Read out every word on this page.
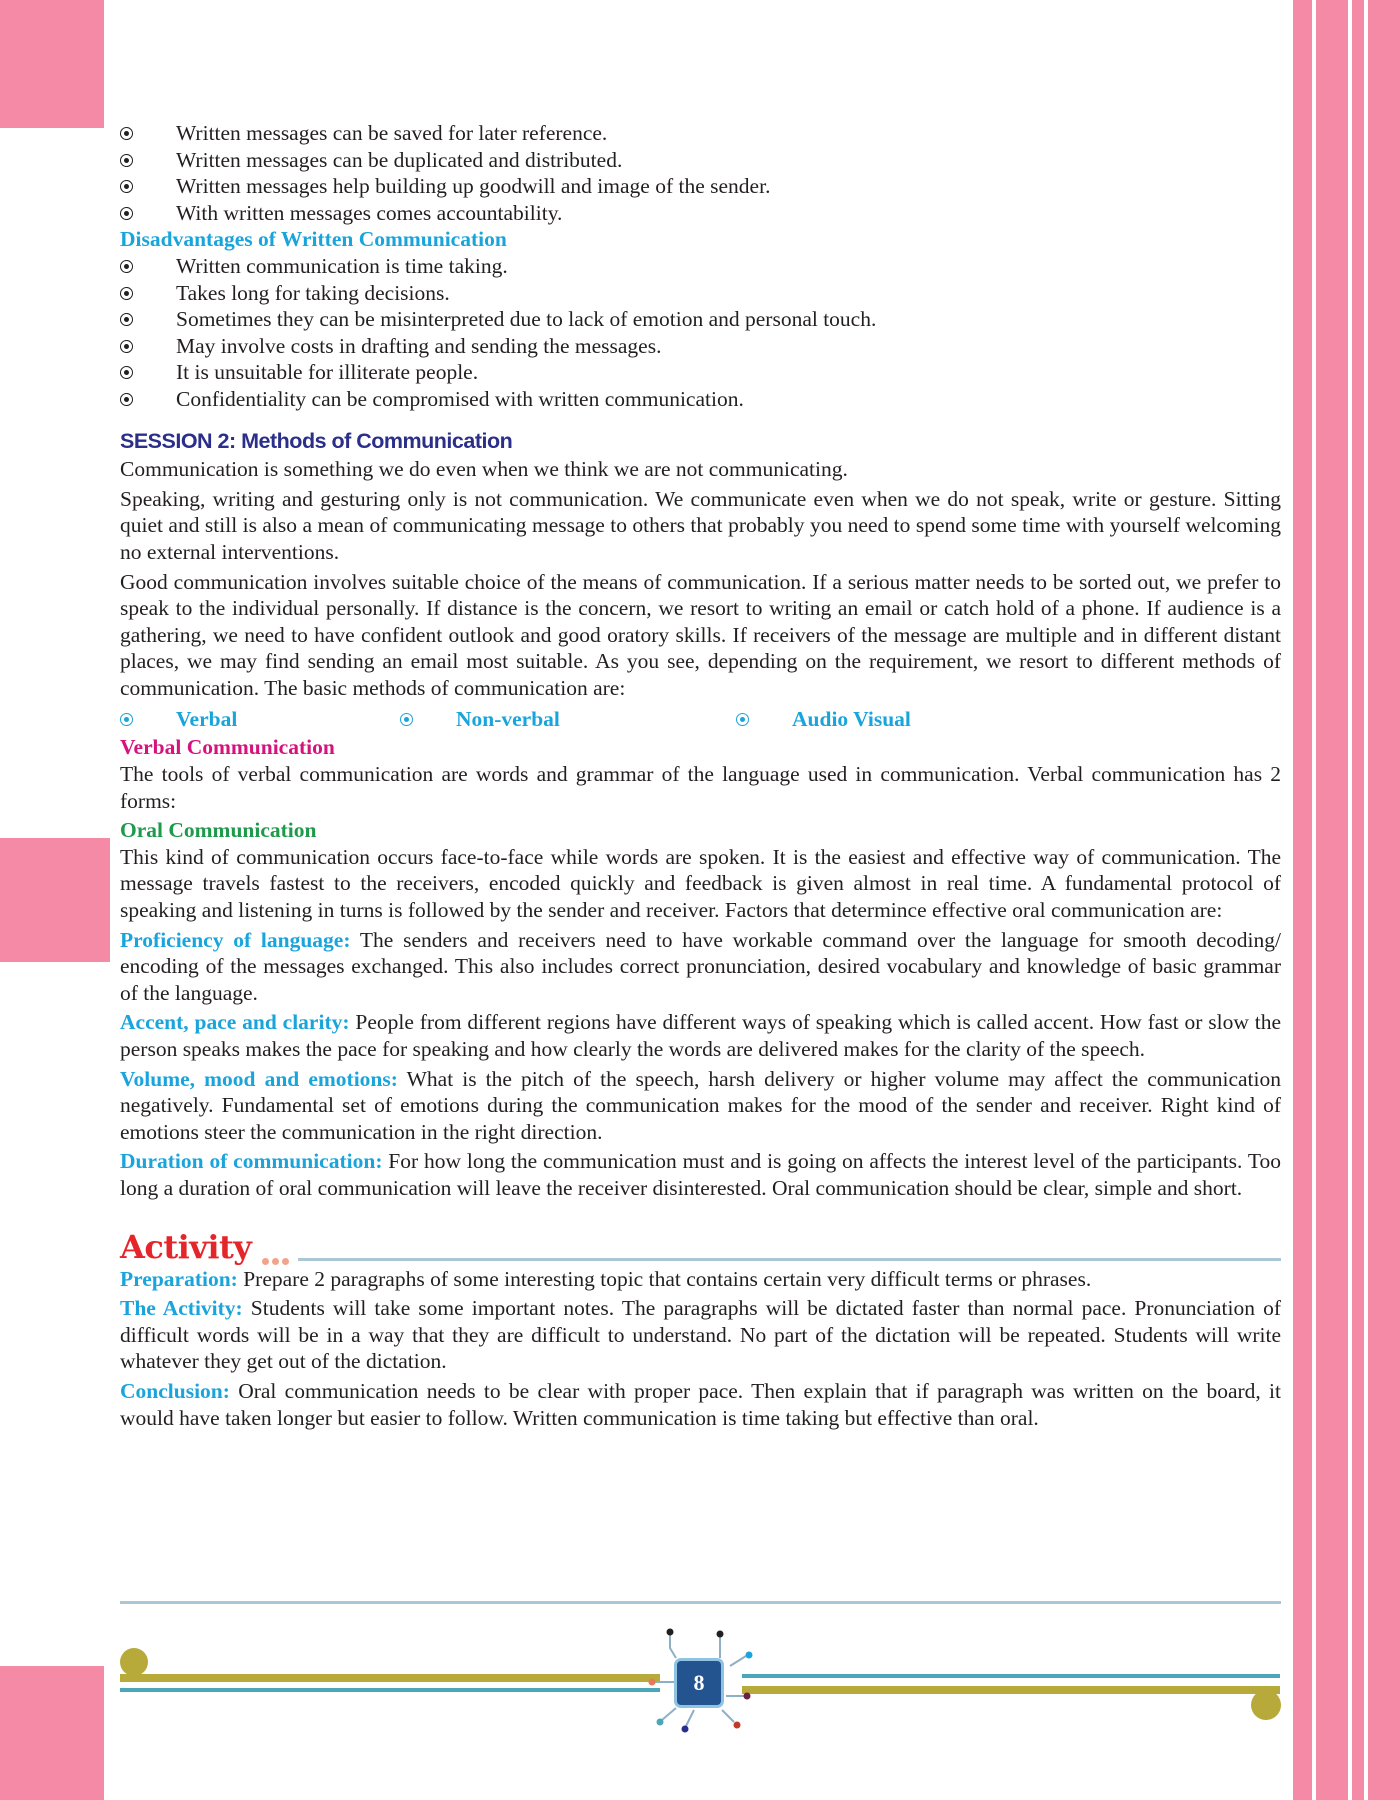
Written messages can be saved for later reference.
Written messages can be duplicated and distributed.
Written messages help building up goodwill and image of the sender.
With written messages comes accountability.
Disadvantages of Written Communication
Written communication is time taking.
Takes long for taking decisions.
Sometimes they can be misinterpreted due to lack of emotion and personal touch.
May involve costs in drafting and sending the messages.
It is unsuitable for illiterate people.
Confidentiality can be compromised with written communication.
SESSION 2: Methods of Communication

Communication is something we do even when we think we are not communicating.

Speaking, writing and gesturing only is not communication. We communicate even when we do not speak, write or gesture. Sitting quiet and still is also a mean of communicating message to others that probably you need to spend some time with yourself welcoming no external interventions.

Good communication involves suitable choice of the means of communication. If a serious matter needs to be sorted out, we prefer to speak to the individual personally. If distance is the concern, we resort to writing an email or catch hold of a phone. If audience is a gathering, we need to have confident outlook and good oratory skills. If receivers of the message are multiple and in different distant places, we may find sending an email most suitable. As you see, depending on the requirement, we resort to different methods of communication. The basic methods of communication are:

Verbal	Non-verbal	Audio Visual
Verbal Communication

The tools of verbal communication are words and grammar of the language used in communication. Verbal communication has 2 forms:

Oral Communication

This kind of communication occurs face-to-face while words are spoken. It is the easiest and effective way of communication. The message travels fastest to the receivers, encoded quickly and feedback is given almost in real time. A fundamental protocol of speaking and listening in turns is followed by the sender and receiver. Factors that determince effective oral communication are:

Proficiency of language: The senders and receivers need to have workable command over the language for smooth decoding/ encoding of the messages exchanged. This also includes correct pronunciation, desired vocabulary and knowledge of basic grammar of the language.

Accent, pace and clarity: People from different regions have different ways of speaking which is called accent. How fast or slow the person speaks makes the pace for speaking and how clearly the words are delivered makes for the clarity of the speech.

Volume, mood and emotions: What is the pitch of the speech, harsh delivery or higher volume may affect the communication negatively. Fundamental set of emotions during the communication makes for the mood of the sender and receiver. Right kind of emotions steer the communication in the right direction.

Duration of communication: For how long the communication must and is going on affects the interest level of the participants. Too long a duration of oral communication will leave the receiver disinterested. Oral communication should be clear, simple and short.

Activity

Preparation: Prepare 2 paragraphs of some interesting topic that contains certain very difficult terms or phrases.

The Activity: Students will take some important notes. The paragraphs will be dictated faster than normal pace. Pronunciation of difficult words will be in a way that they are difficult to understand. No part of the dictation will be repeated. Students will write whatever they get out of the dictation.

Conclusion: Oral communication needs to be clear with proper pace. Then explain that if paragraph was written on the board, it would have taken longer but easier to follow. Written communication is time taking but effective than oral.

8
